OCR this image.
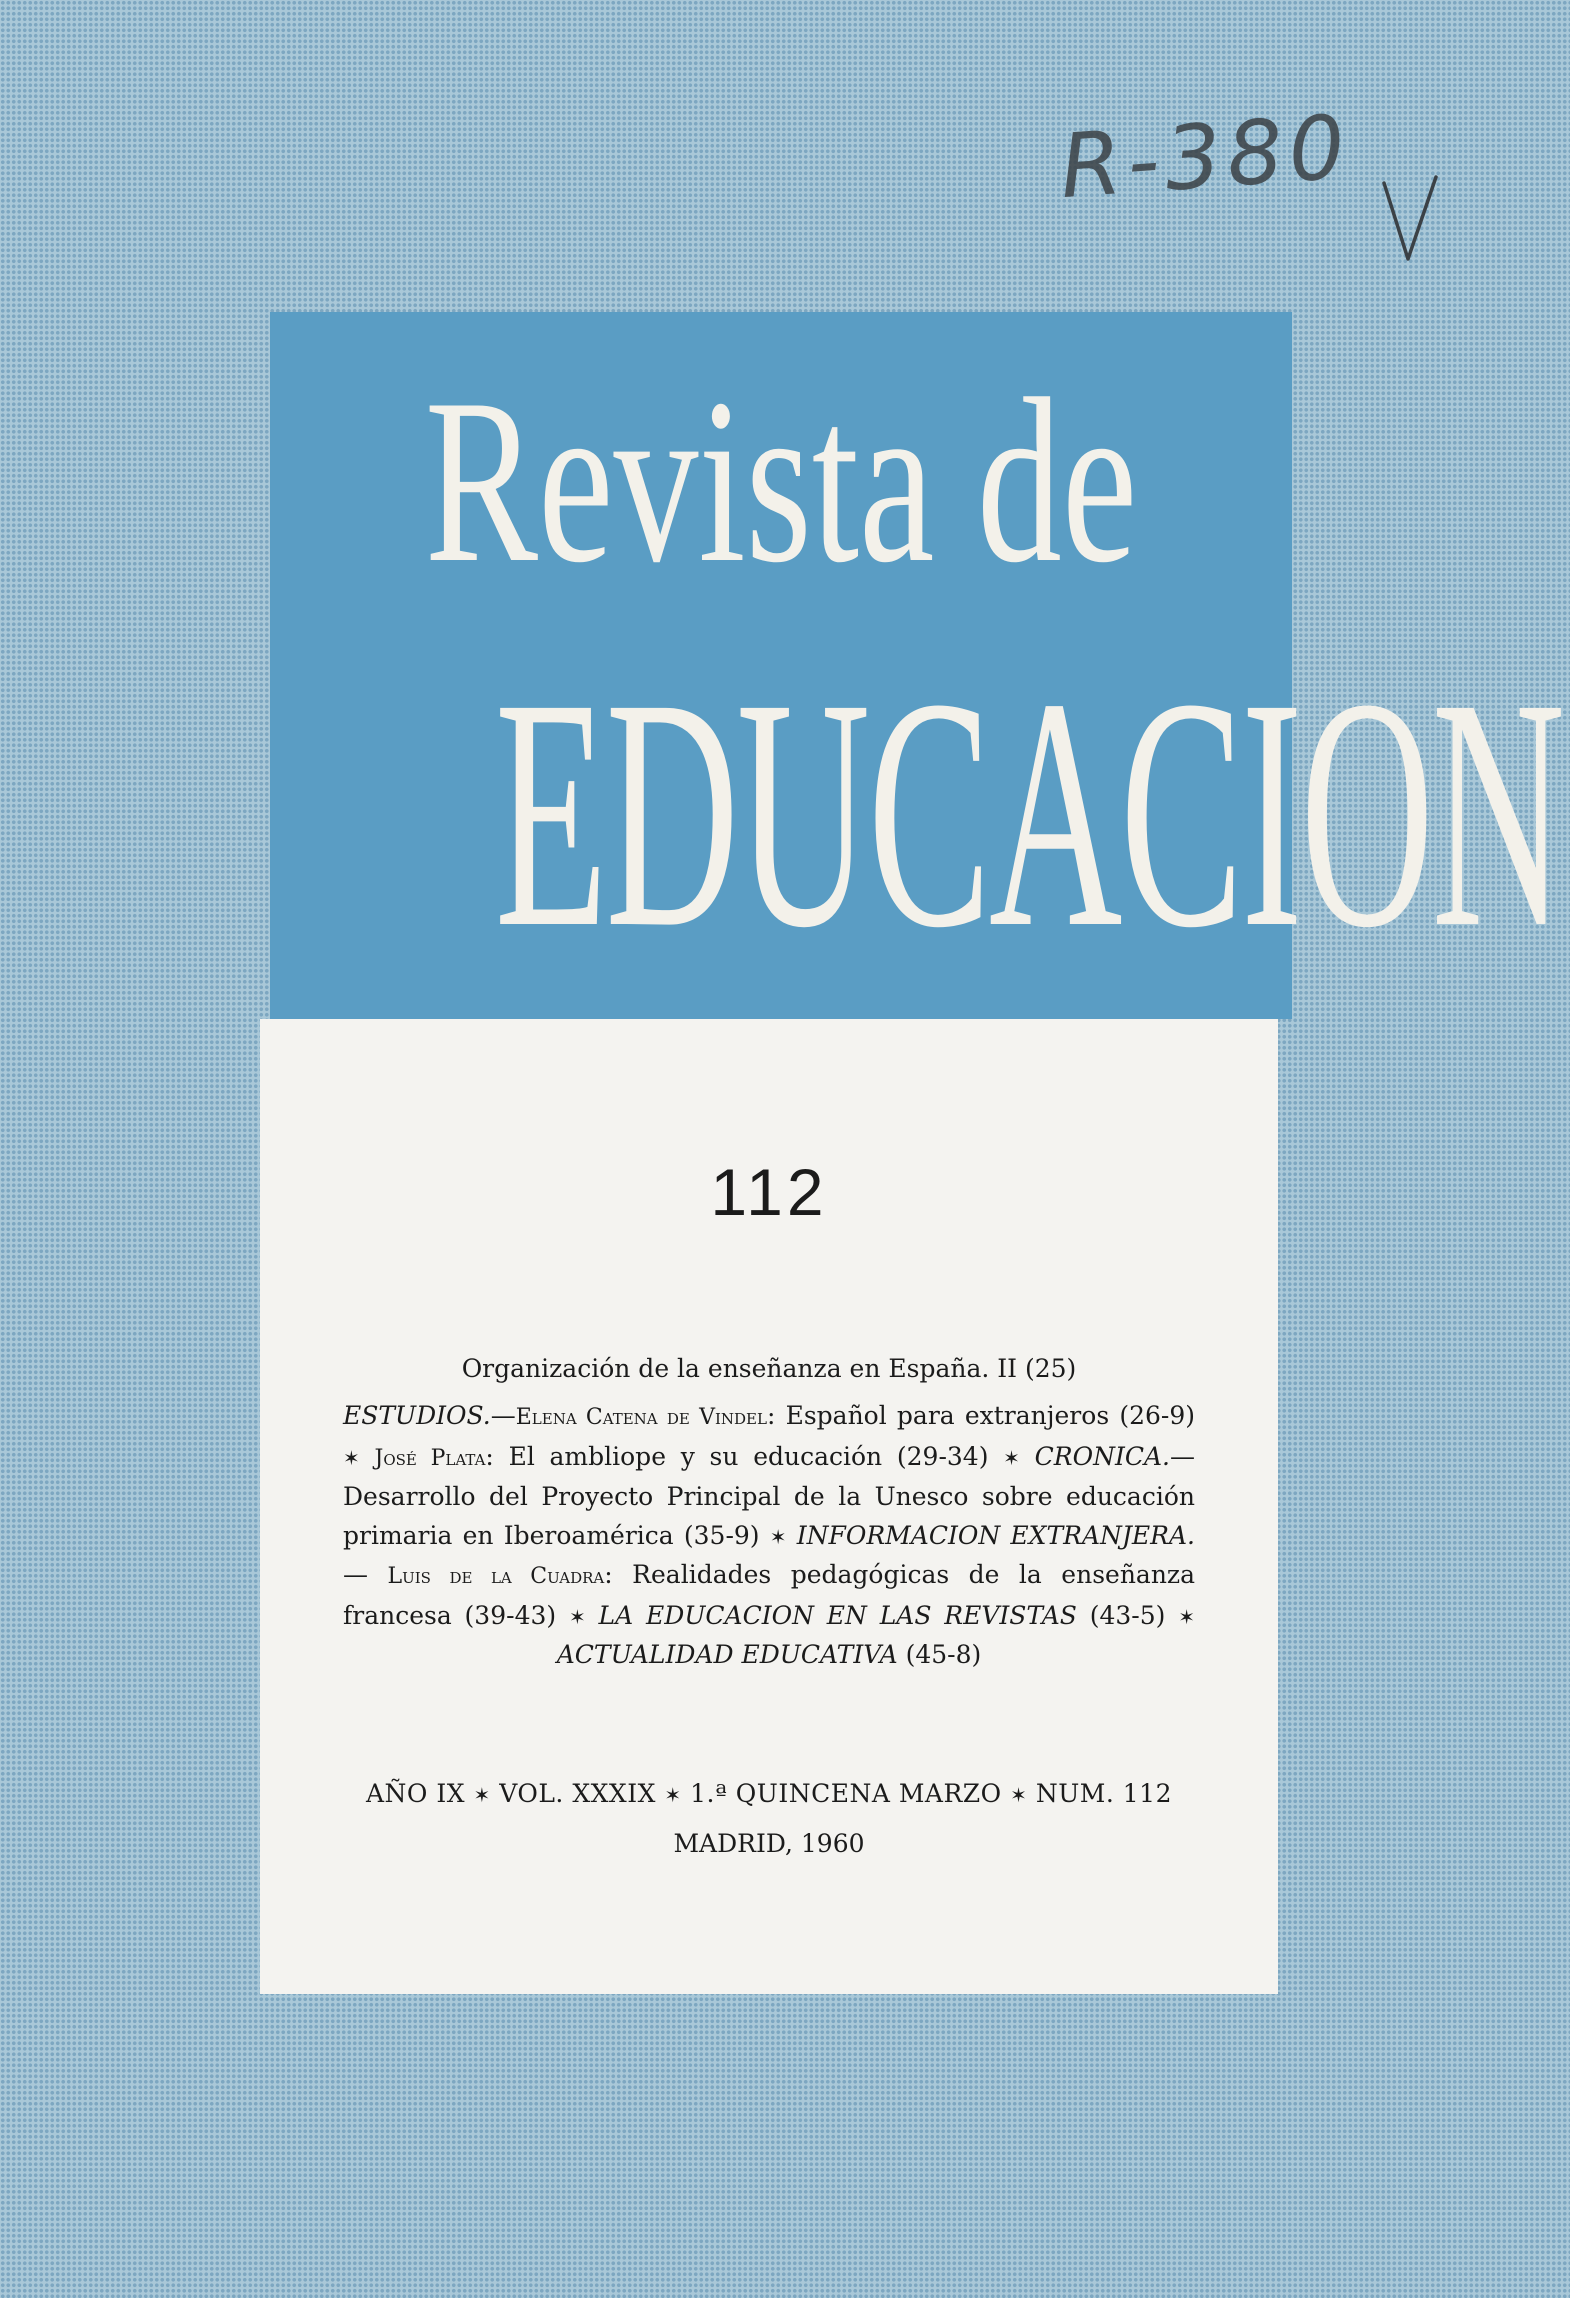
R-380
Revista de
EDUCACION
112
Organización de la enseñanza en España. II (25)
ESTUDIOS.—Elena Catena de Vindel: Español para extranjeros (26-9) ✶ José Plata: El ambliope y su educación (29-34) ✶ CRONICA.—Desarrollo del Proyecto Principal de la Unesco sobre educación primaria en Iberoamérica (35-9) ✶ INFORMACION EXTRANJERA.— Luis de la Cuadra: Realidades pedagógicas de la enseñanza francesa (39-43) ✶ LA EDUCACION EN LAS REVISTAS (43-5) ✶ ACTUALIDAD EDUCATIVA (45-8)
AÑO IX ✶ VOL. XXXIX ✶ 1.ª QUINCENA MARZO ✶ NUM. 112
MADRID, 1960
